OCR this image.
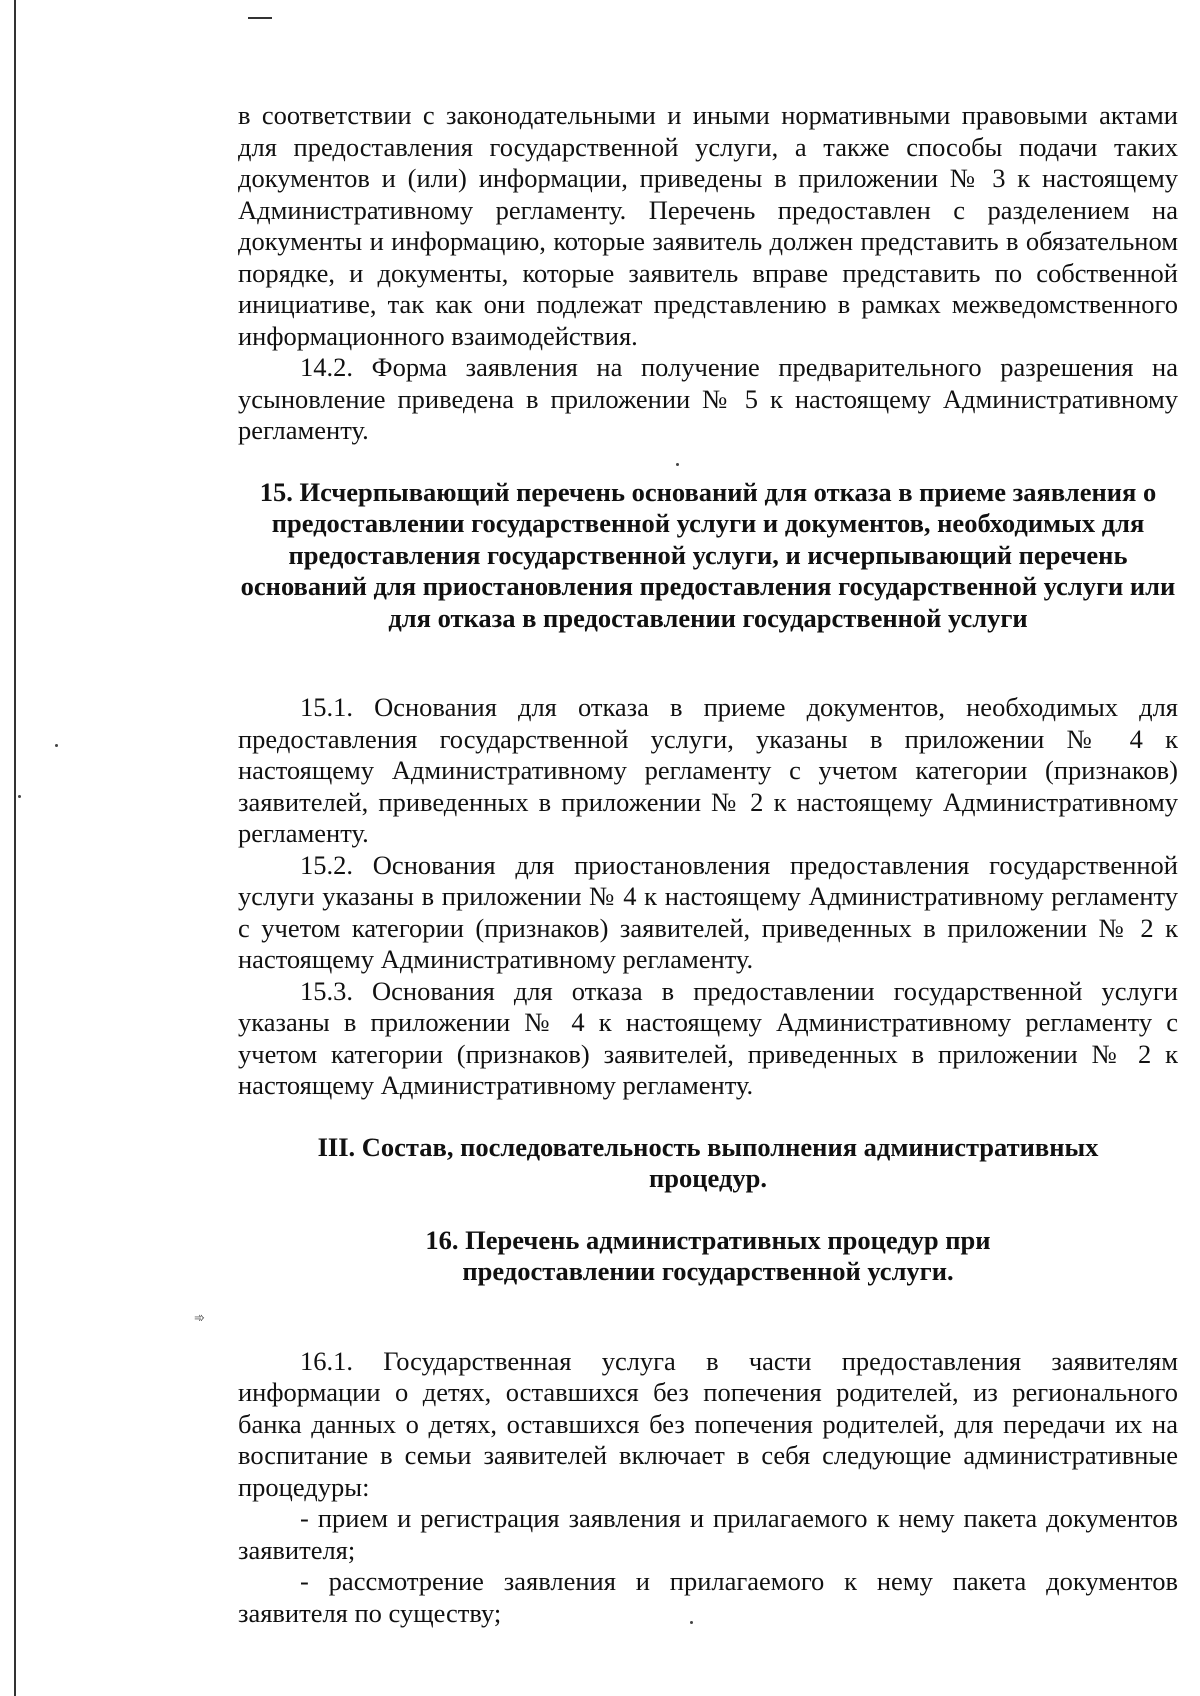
➾

в соответствии с законодательными и иными нормативными правовыми актами для предоставления государственной услуги, а также способы подачи таких документов и (или) информации, приведены в приложении № 3 к настоящему Административному регламенту. Перечень предоставлен с разделением на документы и информацию, которые заявитель должен представить в обязательном порядке, и документы, которые заявитель вправе представить по собственной инициативе, так как они подлежат представлению в рамках межведомственного информационного взаимодействия.

14.2. Форма заявления на получение предварительного разрешения на усыновление приведена в приложении № 5 к настоящему Административному регламенту.

15. Исчерпывающий перечень оснований для отказа в приеме заявления о предоставлении государственной услуги и документов, необходимых для предоставления государственной услуги, и исчерпывающий перечень оснований для приостановления предоставления государственной услуги или для отказа в предоставлении государственной услуги

15.1. Основания для отказа в приеме документов, необходимых для предоставления государственной услуги, указаны в приложении № 4 к настоящему Административному регламенту с учетом категории (признаков) заявителей, приведенных в приложении № 2 к настоящему Административному регламенту.

15.2. Основания для приостановления предоставления государственной услуги указаны в приложении № 4 к настоящему Административному регламенту с учетом категории (признаков) заявителей, приведенных в приложении № 2 к настоящему Административному регламенту.

15.3. Основания для отказа в предоставлении государственной услуги указаны в приложении № 4 к настоящему Административному регламенту с учетом категории (признаков) заявителей, приведенных в приложении № 2 к настоящему Административному регламенту.

III. Состав, последовательность выполнения административных процедур.

16. Перечень административных процедур при предоставлении государственной услуги.

16.1. Государственная услуга в части предоставления заявителям информации о детях, оставшихся без попечения родителей, из регионального банка данных о детях, оставшихся без попечения родителей, для передачи их на воспитание в семьи заявителей включает в себя следующие административные процедуры:

- прием и регистрация заявления и прилагаемого к нему пакета документов заявителя;

- рассмотрение заявления и прилагаемого к нему пакета документов заявителя по существу;
